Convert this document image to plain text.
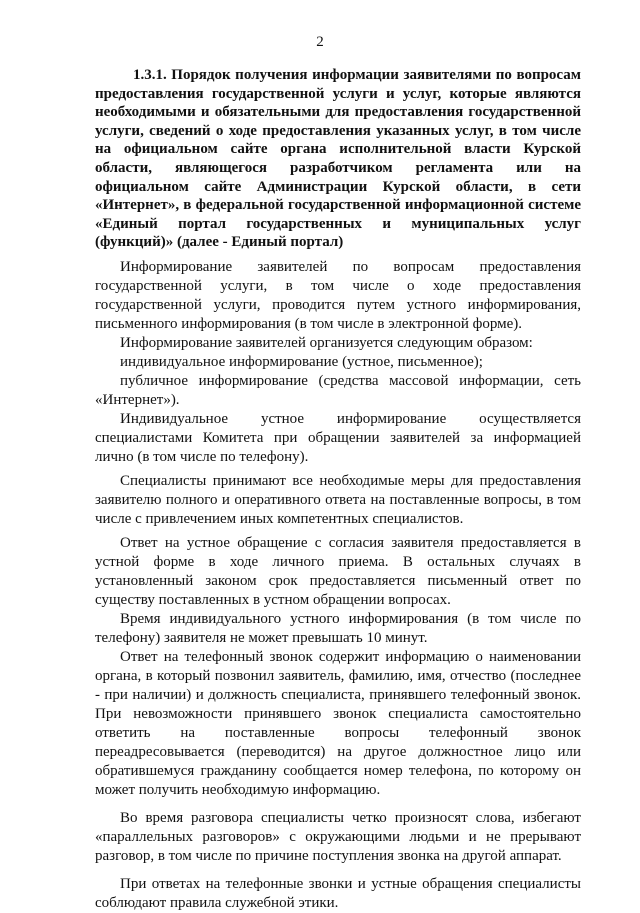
2
1.3.1. Порядок получения информации заявителями по вопросам
предоставления государственной услуги и услуг, которые являются
необходимыми и обязательными для предоставления государственной
услуги, сведений о ходе предоставления указанных услуг, в том числе
на официальном сайте органа исполнительной власти Курской
области, являющегося разработчиком регламента или на
официальном сайте Администрации Курской области, в сети
«Интернет», в федеральной государственной информационной системе
«Единый портал государственных и муниципальных услуг
(функций)» (далее - Единый портал)
Информирование заявителей по вопросам предоставления
государственной услуги, в том числе о ходе предоставления
государственной услуги, проводится путем устного информирования,
письменного информирования (в том числе в электронной форме).
Информирование заявителей организуется следующим образом:
индивидуальное информирование (устное, письменное);
публичное информирование (средства массовой информации, сеть
«Интернет»).
Индивидуальное устное информирование осуществляется
специалистами Комитета при обращении заявителей за информацией
лично (в том числе по телефону).
Специалисты принимают все необходимые меры для предоставления
заявителю полного и оперативного ответа на поставленные вопросы, в том
числе с привлечением иных компетентных специалистов.
Ответ на устное обращение с согласия заявителя предоставляется в
устной форме в ходе личного приема. В остальных случаях в
установленный законом срок предоставляется письменный ответ по
существу поставленных в устном обращении вопросах.
Время индивидуального устного информирования (в том числе по
телефону) заявителя не может превышать 10 минут.
Ответ на телефонный звонок содержит информацию о наименовании
органа, в который позвонил заявитель, фамилию, имя, отчество (последнее
- при наличии) и должность специалиста, принявшего телефонный звонок.
При невозможности принявшего звонок специалиста самостоятельно
ответить на поставленные вопросы телефонный звонок
переадресовывается (переводится) на другое должностное лицо или
обратившемуся гражданину сообщается номер телефона, по которому он
может получить необходимую информацию.
Во время разговора специалисты четко произносят слова, избегают
«параллельных разговоров» с окружающими людьми и не прерывают
разговор, в том числе по причине поступления звонка на другой аппарат.
При ответах на телефонные звонки и устные обращения специалисты
соблюдают правила служебной этики.
